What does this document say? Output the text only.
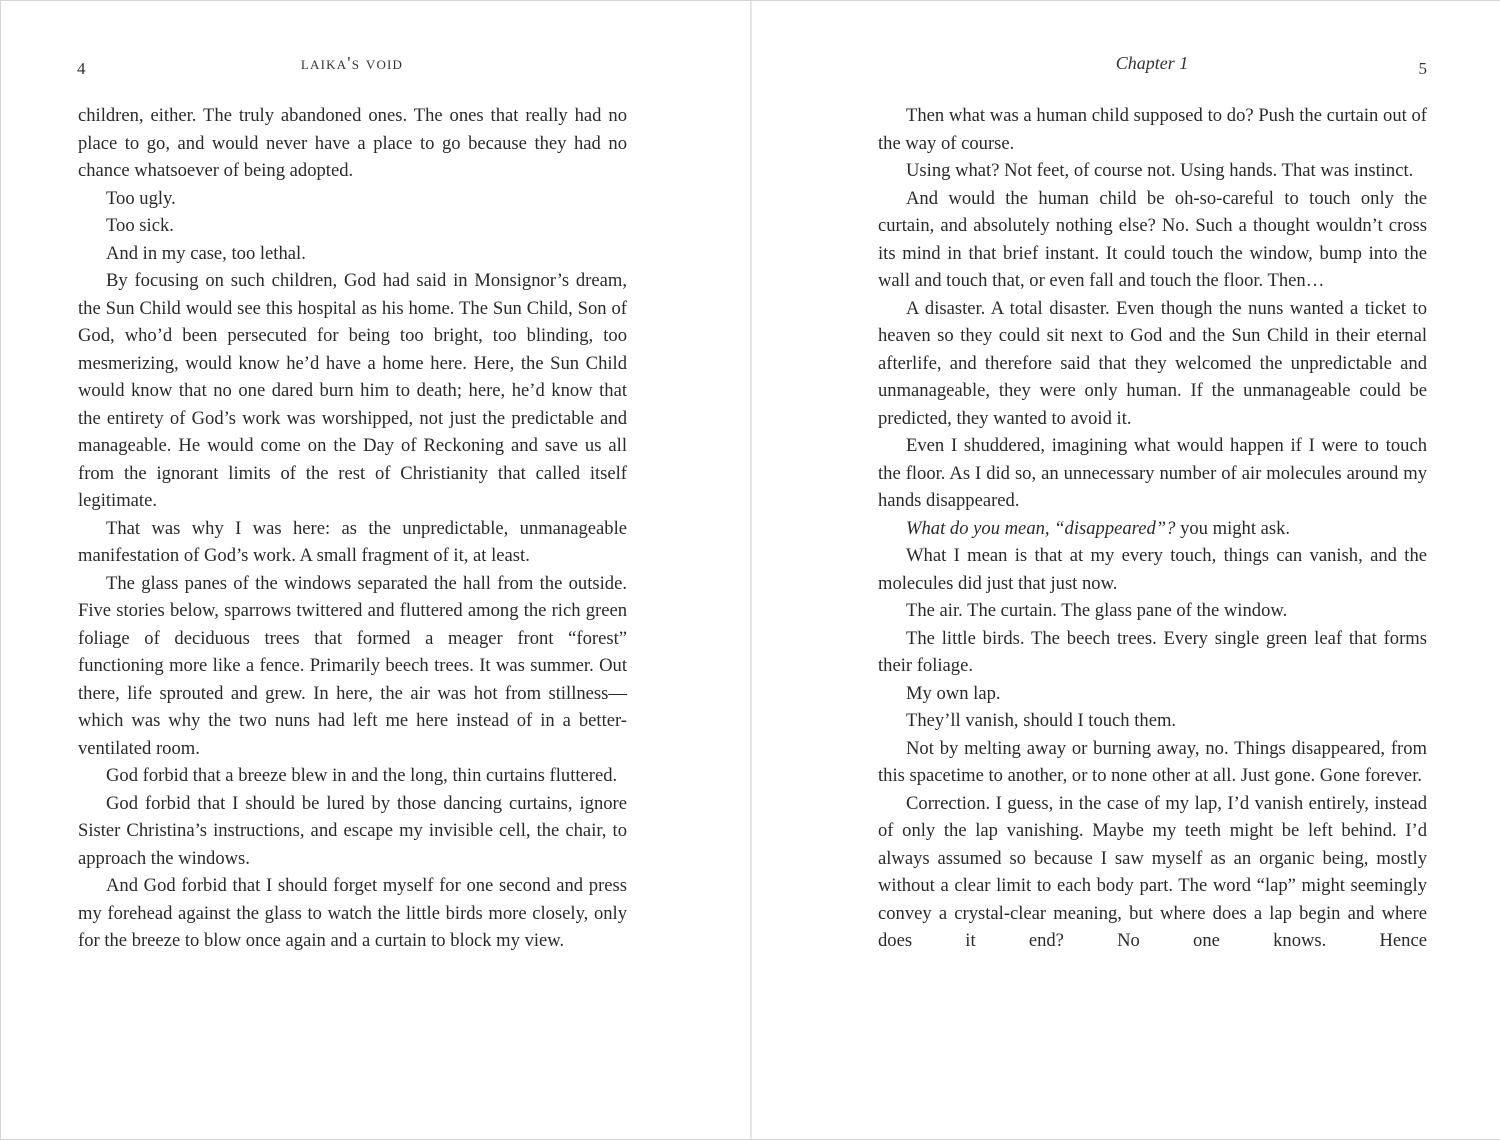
4	laika's void

children, either. The truly abandoned ones. The ones that really had no place to go, and would never have a place to go because they had no chance whatsoever of being adopted.

Too ugly.

Too sick.

And in my case, too lethal.

By focusing on such children, God had said in Monsignor’s dream, the Sun Child would see this hospital as his home. The Sun Child, Son of God, who’d been persecuted for being too bright, too blinding, too mesmerizing, would know he’d have a home here. Here, the Sun Child would know that no one dared burn him to death; here, he’d know that the entirety of God’s work was worshipped, not just the predictable and manageable. He would come on the Day of Reckoning and save us all from the ignorant limits of the rest of Christianity that called itself legitimate.

That was why I was here: as the unpredictable, unmanageable manifestation of God’s work. A small fragment of it, at least.

The glass panes of the windows separated the hall from the outside. Five stories below, sparrows twittered and fluttered among the rich green foliage of deciduous trees that formed a meager front “forest” functioning more like a fence. Primarily beech trees. It was summer. Out there, life sprouted and grew. In here, the air was hot from stillness—which was why the two nuns had left me here instead of in a better-ventilated room.

God forbid that a breeze blew in and the long, thin curtains fluttered.

God forbid that I should be lured by those dancing curtains, ignore Sister Christina’s instructions, and escape my invisible cell, the chair, to approach the windows.

And God forbid that I should forget myself for one second and press my forehead against the glass to watch the little birds more closely, only for the breeze to blow once again and a curtain to block my view.

Chapter 1	5

Then what was a human child supposed to do? Push the curtain out of the way of course.

Using what? Not feet, of course not. Using hands. That was instinct.

And would the human child be oh-so-careful to touch only the curtain, and absolutely nothing else? No. Such a thought wouldn’t cross its mind in that brief instant. It could touch the window, bump into the wall and touch that, or even fall and touch the floor. Then…

A disaster. A total disaster. Even though the nuns wanted a ticket to heaven so they could sit next to God and the Sun Child in their eternal afterlife, and therefore said that they welcomed the unpredictable and unmanageable, they were only human. If the unmanageable could be predicted, they wanted to avoid it.

Even I shuddered, imagining what would happen if I were to touch the floor. As I did so, an unnecessary number of air molecules around my hands disappeared.

What do you mean, “disappeared”? you might ask.

What I mean is that at my every touch, things can vanish, and the molecules did just that just now.

The air. The curtain. The glass pane of the window.

The little birds. The beech trees. Every single green leaf that forms their foliage.

My own lap.

They’ll vanish, should I touch them.

Not by melting away or burning away, no. Things disappeared, from this spacetime to another, or to none other at all. Just gone. Gone forever.

Correction. I guess, in the case of my lap, I’d vanish entirely, instead of only the lap vanishing. Maybe my teeth might be left behind. I’d always assumed so because I saw myself as an organic being, mostly without a clear limit to each body part. The word “lap” might seemingly convey a crystal-clear meaning, but where does a lap begin and where does it end? No one knows. Hence
